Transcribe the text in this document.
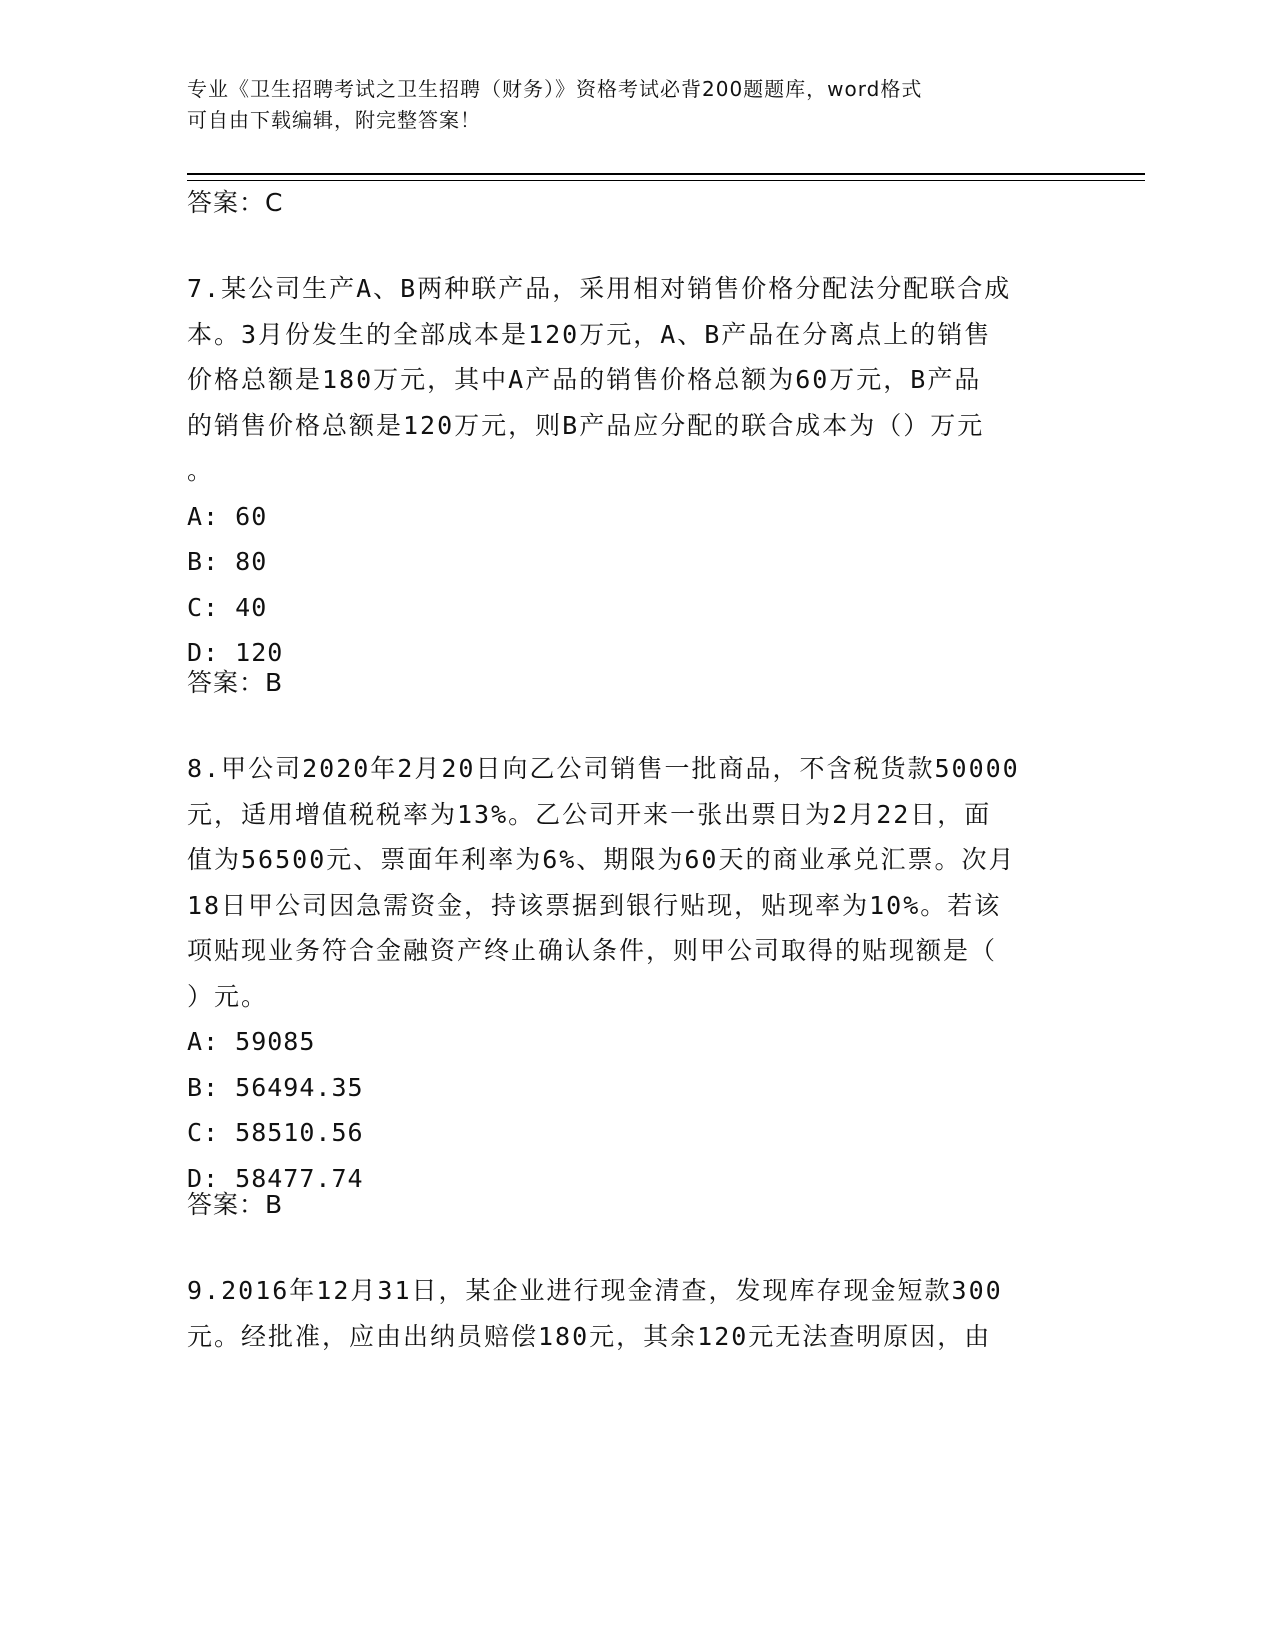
专业《卫生招聘考试之卫生招聘（财务）》资格考试必背200题题库，word格式
可自由下载编辑，附完整答案！
答案：C
7.某公司生产A、B两种联产品，采用相对销售价格分配法分配联合成
本。3月份发生的全部成本是120万元，A、B产品在分离点上的销售
价格总额是180万元，其中A产品的销售价格总额为60万元，B产品
的销售价格总额是120万元，则B产品应分配的联合成本为（）万元
。
A: 60
B: 80
C: 40
D: 120
答案：B
8.甲公司2020年2月20日向乙公司销售一批商品，不含税货款50000
元，适用增值税税率为13%。乙公司开来一张出票日为2月22日，面
值为56500元、票面年利率为6%、期限为60天的商业承兑汇票。次月
18日甲公司因急需资金，持该票据到银行贴现，贴现率为10%。若该
项贴现业务符合金融资产终止确认条件，则甲公司取得的贴现额是（
）元。
A: 59085
B: 56494.35
C: 58510.56
D: 58477.74
答案：B
9.2016年12月31日，某企业进行现金清查，发现库存现金短款300
元。经批准，应由出纳员赔偿180元，其余120元无法查明原因，由
